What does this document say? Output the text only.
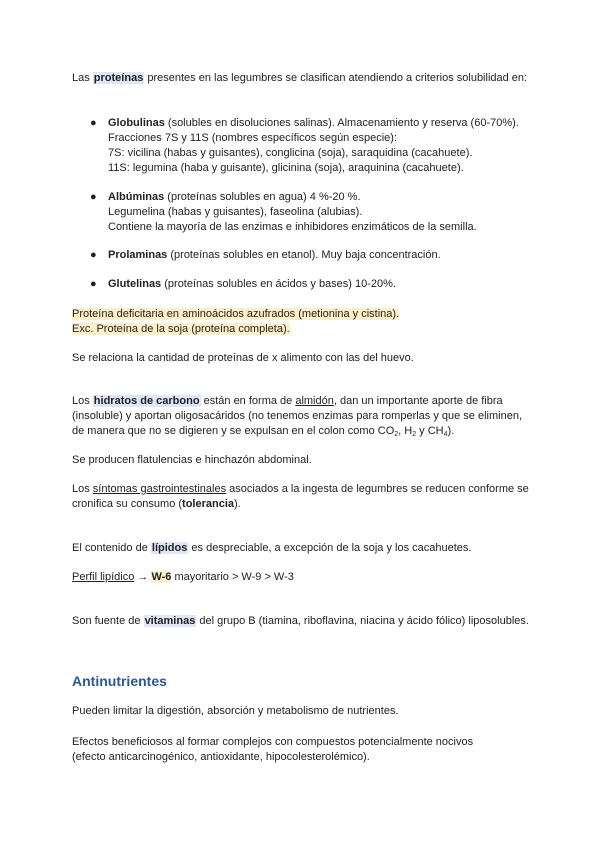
Las proteínas presentes en las legumbres se clasifican atendiendo a criterios solubilidad en:

● Globulinas (solubles en disoluciones salinas). Almacenamiento y reserva (60-70%).
Fracciones 7S y 11S (nombres específicos según especie):
7S: vicilina (habas y guisantes), conglicina (soja), saraquidina (cacahuete).
11S: legumina (haba y guisante), glicinina (soja), araquinina (cacahuete).
● Albúminas (proteínas solubles en agua) 4 %-20 %.
Legumelina (habas y guisantes), faseolina (alubias).
Contiene la mayoría de las enzimas e inhibidores enzimáticos de la semilla.
● Prolaminas (proteínas solubles en etanol). Muy baja concentración.
● Glutelinas (proteínas solubles en ácidos y bases) 10-20%.
Proteína deficitaria en aminoácidos azufrados (metionina y cistina).
Exc. Proteína de la soja (proteína completa).

Se relaciona la cantidad de proteínas de x alimento con las del huevo.

Los hidratos de carbono están en forma de almidón, dan un importante aporte de fibra (insoluble) y aportan oligosacáridos (no tenemos enzimas para romperlas y que se eliminen, de manera que no se digieren y se expulsan en el colon como $CO_2$, $H_2$ y $CH_4$).

Se producen flatulencias e hinchazón abdominal.

Los síntomas gastrointestinales asociados a la ingesta de legumbres se reducen conforme se cronifica su consumo (tolerancia).

El contenido de lípidos es despreciable, a excepción de la soja y los cacahuetes.

Perfil lipídico → W-6 mayoritario > W-9 > W-3

Son fuente de vitaminas del grupo B (tiamina, riboflavina, niacina y ácido fólico) liposolubles.

Antinutrientes

Pueden limitar la digestión, absorción y metabolismo de nutrientes.

Efectos beneficiosos al formar complejos con compuestos potencialmente nocivos
(efecto anticarcinogénico, antioxidante, hipocolesterolémico).
